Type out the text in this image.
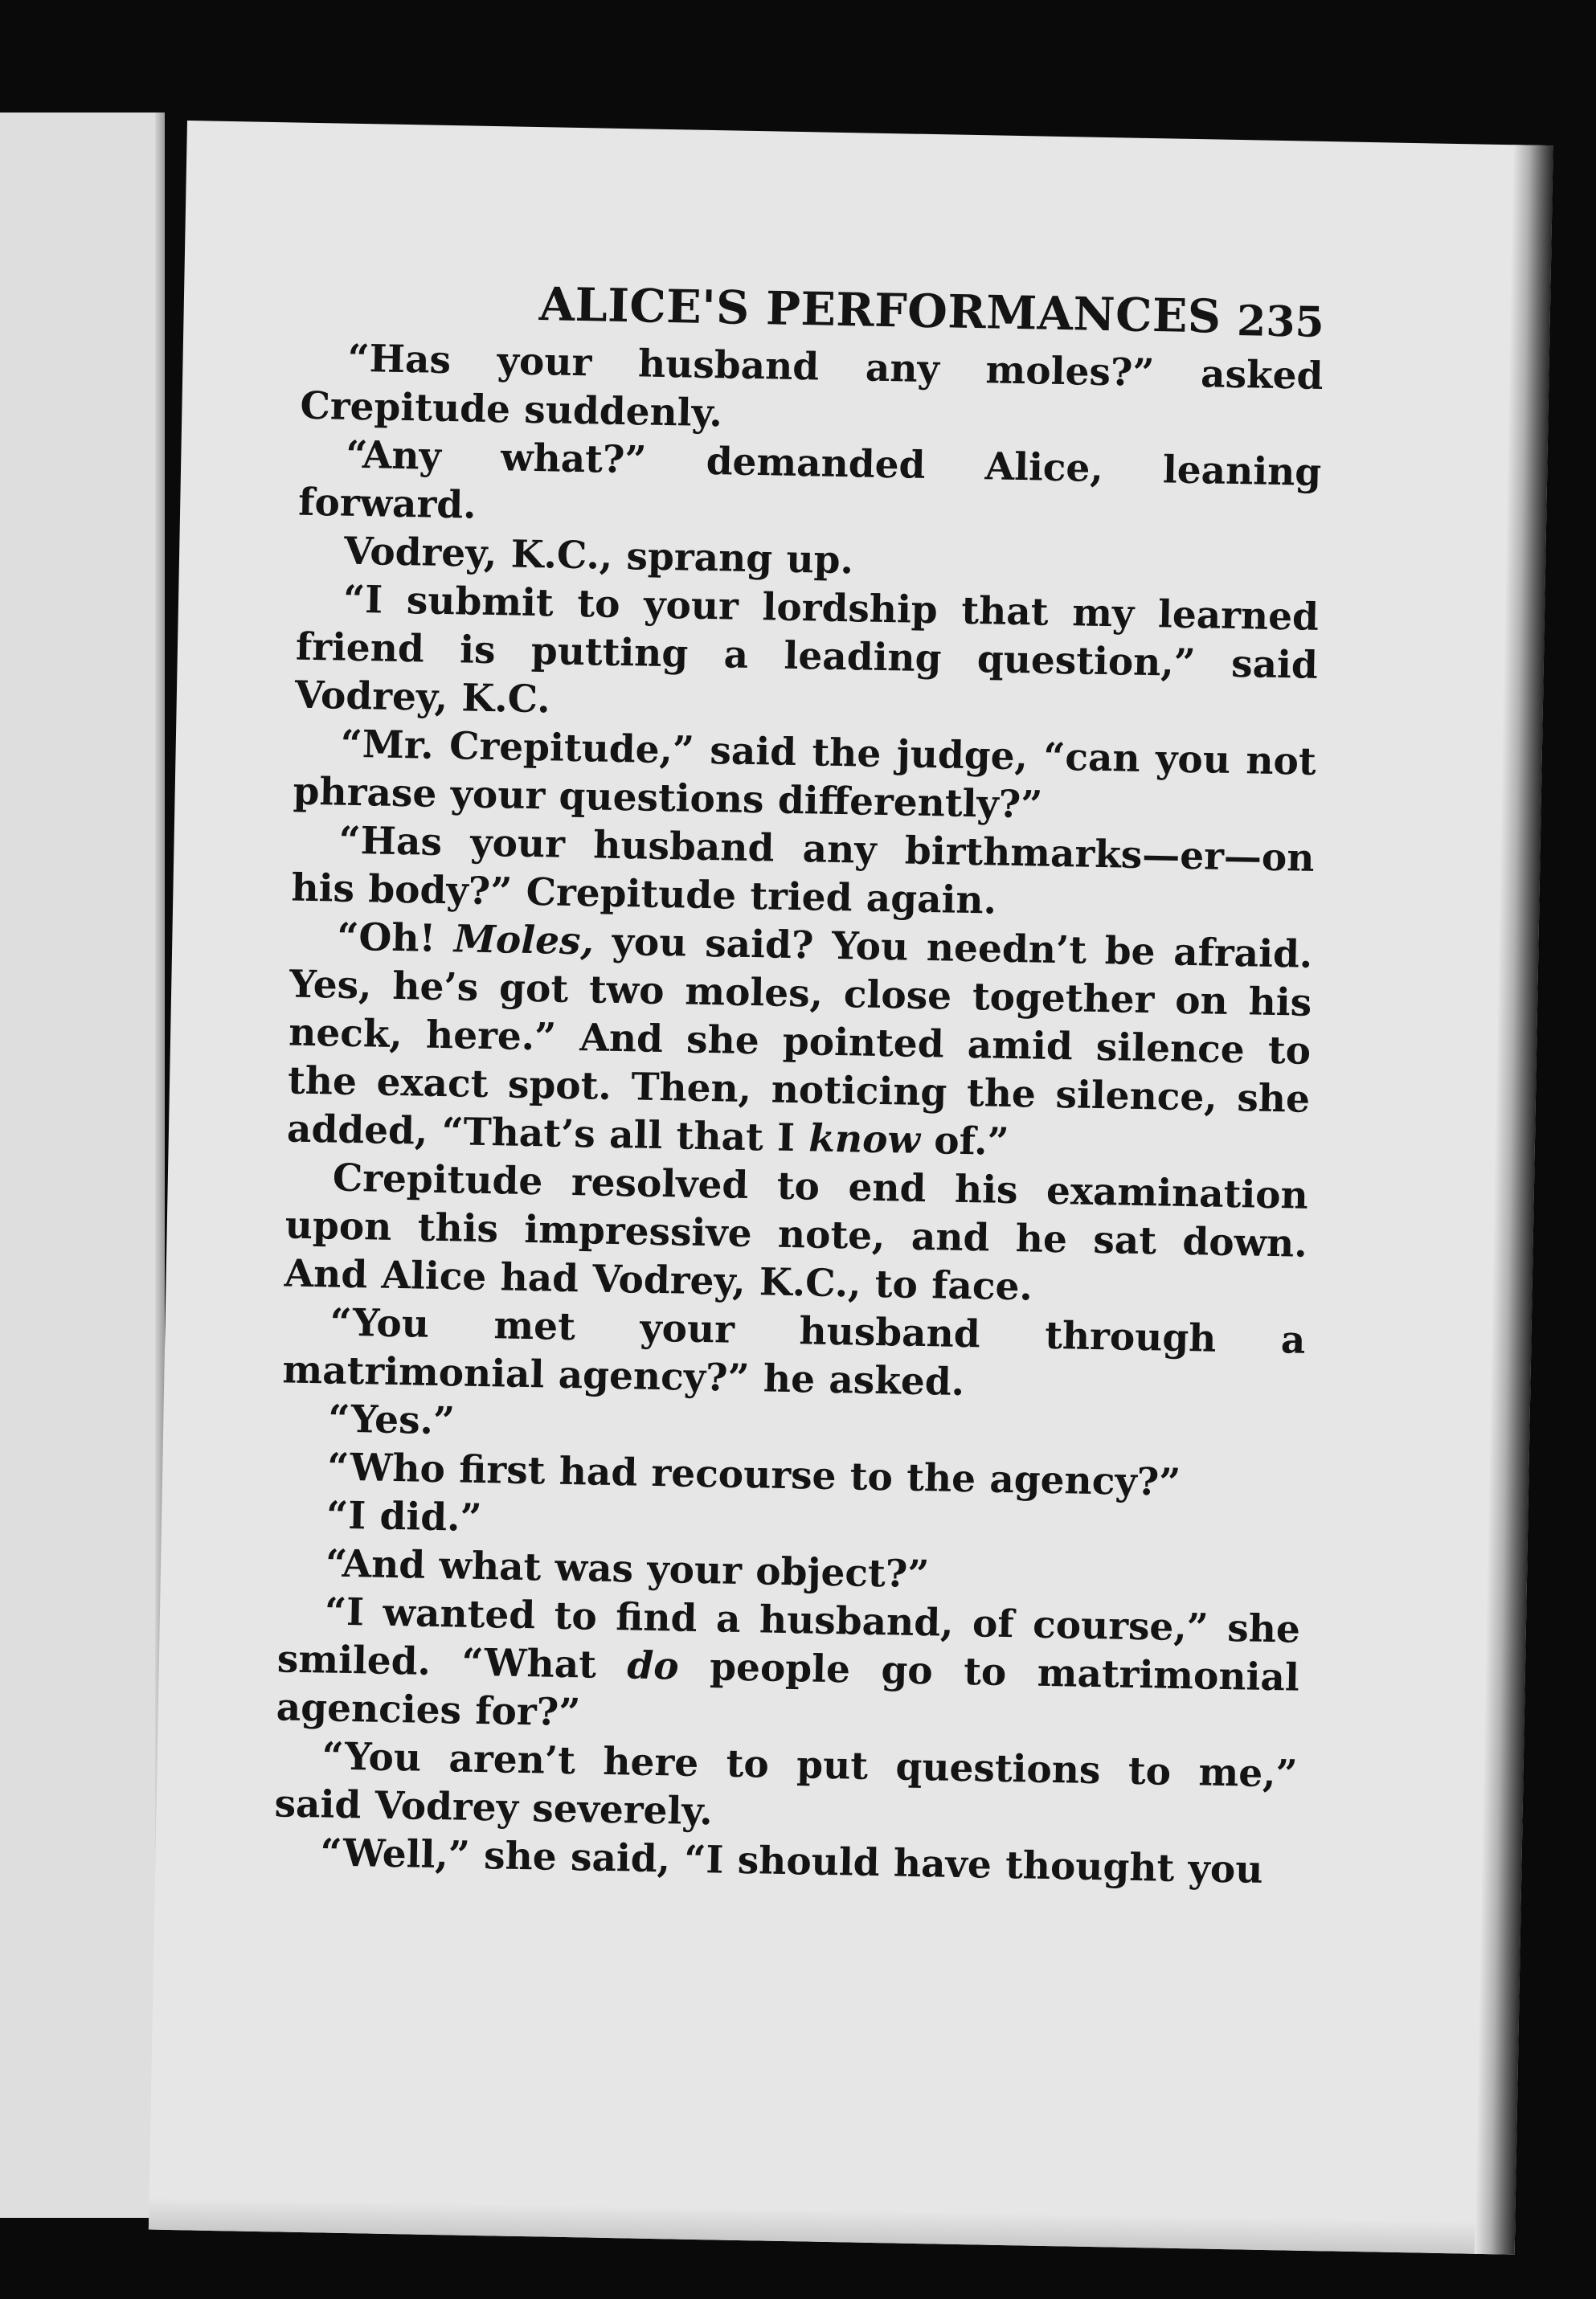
ALICE'S PERFORMANCES 235

“Has your husband any moles?” asked Crepitude suddenly.

“Any what?” demanded Alice, leaning forward.

Vodrey, K.C., sprang up.

“I submit to your lordship that my learned friend is putting a leading question,” said Vodrey, K.C.

“Mr. Crepitude,” said the judge, “can you not phrase your questions differently?”

“Has your husband any birthmarks—er—on his body?” Crepitude tried again.

“Oh! Moles, you said? You needn’t be afraid. Yes, he’s got two moles, close together on his neck, here.” And she pointed amid silence to the exact spot. Then, noticing the silence, she added, “That’s all that I know of.”

Crepitude resolved to end his examination upon this impressive note, and he sat down. And Alice had Vodrey, K.C., to face.

“You met your husband through a matrimonial agency?” he asked.

“Yes.”

“Who first had recourse to the agency?”

“I did.”

“And what was your object?”

“I wanted to find a husband, of course,” she smiled. “What do people go to matrimonial agencies for?”

“You aren’t here to put questions to me,” said Vodrey severely.

“Well,” she said, “I should have thought you
